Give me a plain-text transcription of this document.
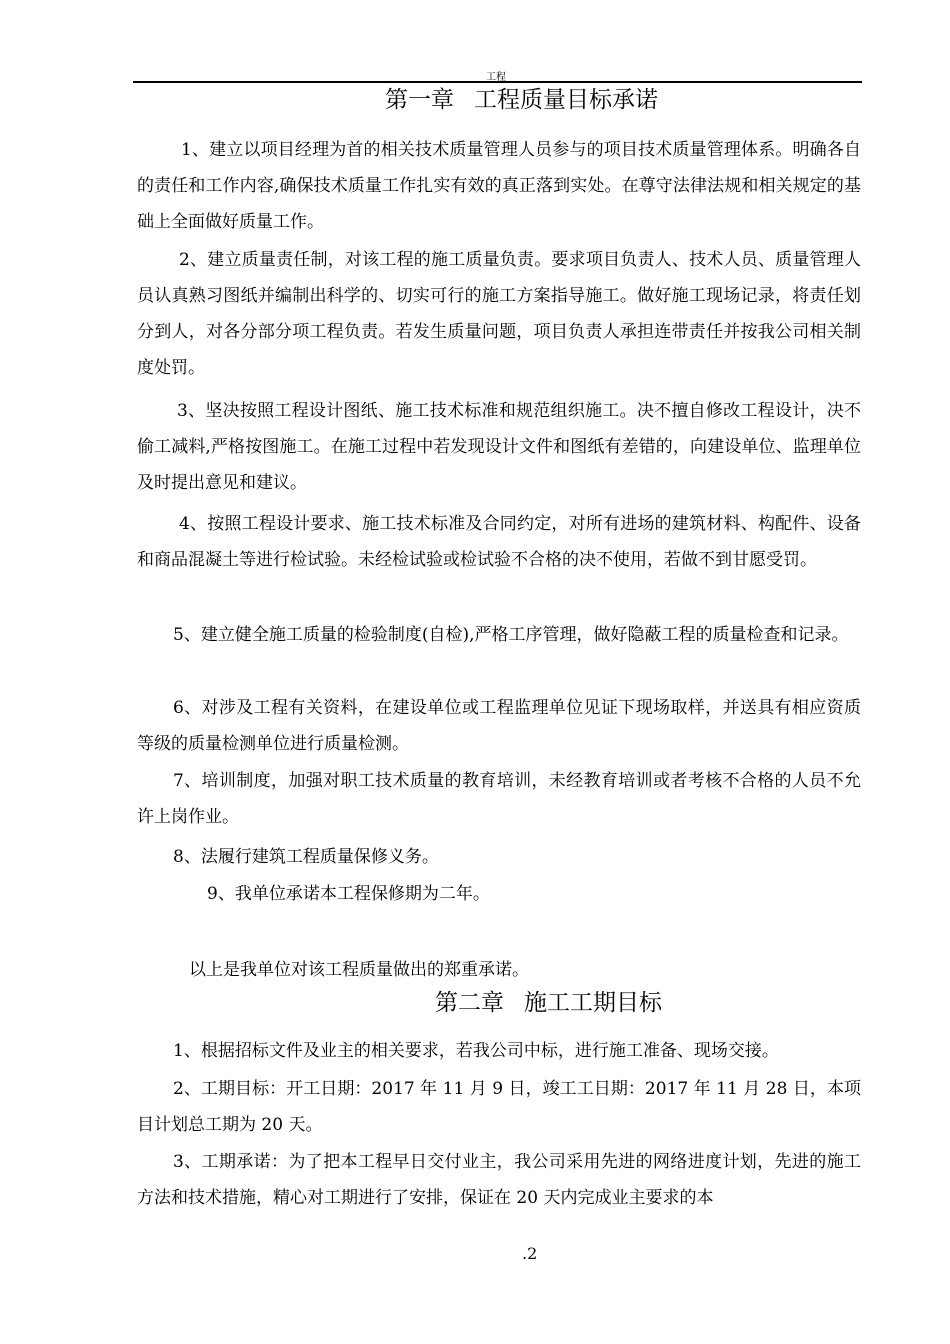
工程
第一章 工程质量目标承诺

1、建立以项目经理为首的相关技术质量管理人员参与的项目技术质量管理体系。明确各自的责任和工作内容,确保技术质量工作扎实有效的真正落到实处。在尊守法律法规和相关规定的基础上全面做好质量工作。

2、建立质量责任制，对该工程的施工质量负责。要求项目负责人、技术人员、质量管理人员认真熟习图纸并编制出科学的、切实可行的施工方案指导施工。做好施工现场记录，将责任划分到人，对各分部分项工程负责。若发生质量问题，项目负责人承担连带责任并按我公司相关制度处罚。

3、坚决按照工程设计图纸、施工技术标准和规范组织施工。决不擅自修改工程设计，决不偷工减料,严格按图施工。在施工过程中若发现设计文件和图纸有差错的，向建设单位、监理单位及时提出意见和建议。

4、按照工程设计要求、施工技术标准及合同约定，对所有进场的建筑材料、构配件、设备和商品混凝土等进行检试验。未经检试验或检试验不合格的决不使用，若做不到甘愿受罚。

5、建立健全施工质量的检验制度(自检),严格工序管理，做好隐蔽工程的质量检查和记录。

6、对涉及工程有关资料，在建设单位或工程监理单位见证下现场取样，并送具有相应资质等级的质量检测单位进行质量检测。

7、培训制度，加强对职工技术质量的教育培训，未经教育培训或者考核不合格的人员不允许上岗作业。

8、法履行建筑工程质量保修义务。

9、我单位承诺本工程保修期为二年。

以上是我单位对该工程质量做出的郑重承诺。

第二章 施工工期目标

1、根据招标文件及业主的相关要求，若我公司中标，进行施工准备、现场交接。

2、工期目标：开工日期：2017 年 11 月 9 日，竣工工日期：2017 年 11 月 28 日，本项目计划总工期为 20 天。

3、工期承诺：为了把本工程早日交付业主，我公司采用先进的网络进度计划，先进的施工方法和技术措施，精心对工期进行了安排，保证在 20 天内完成业主要求的本

.2
